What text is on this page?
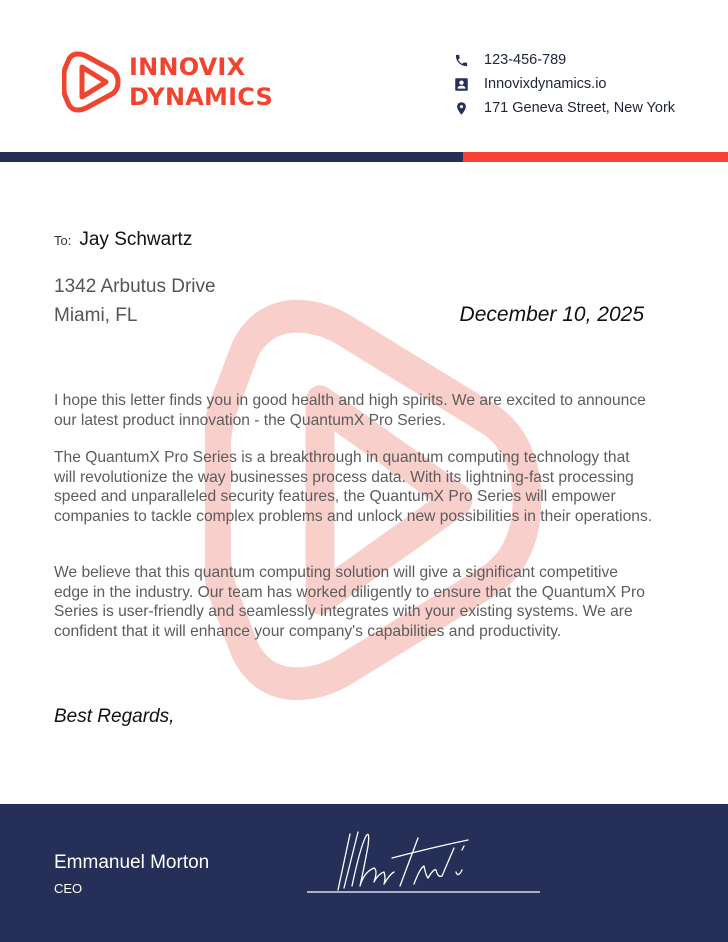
INNOVIX
DYNAMICS
123-456-789
Innovixdynamics.io
171 Geneva Street, New York
To: Jay Schwartz
1342 Arbutus Drive
Miami, FL	December 10, 2025

I hope this letter finds you in good health and high spirits. We are excited to announce our latest product innovation - the QuantumX Pro Series.

The QuantumX Pro Series is a breakthrough in quantum computing technology that will revolutionize the way businesses process data. With its lightning-fast processing speed and unparalleled security features, the QuantumX Pro Series will empower companies to tackle complex problems and unlock new possibilities in their operations.

We believe that this quantum computing solution will give a significant competitive edge in the industry. Our team has worked diligently to ensure that the QuantumX Pro Series is user-friendly and seamlessly integrates with your existing systems. We are confident that it will enhance your company's capabilities and productivity.

Best Regards,
Emmanuel Morton
CEO
